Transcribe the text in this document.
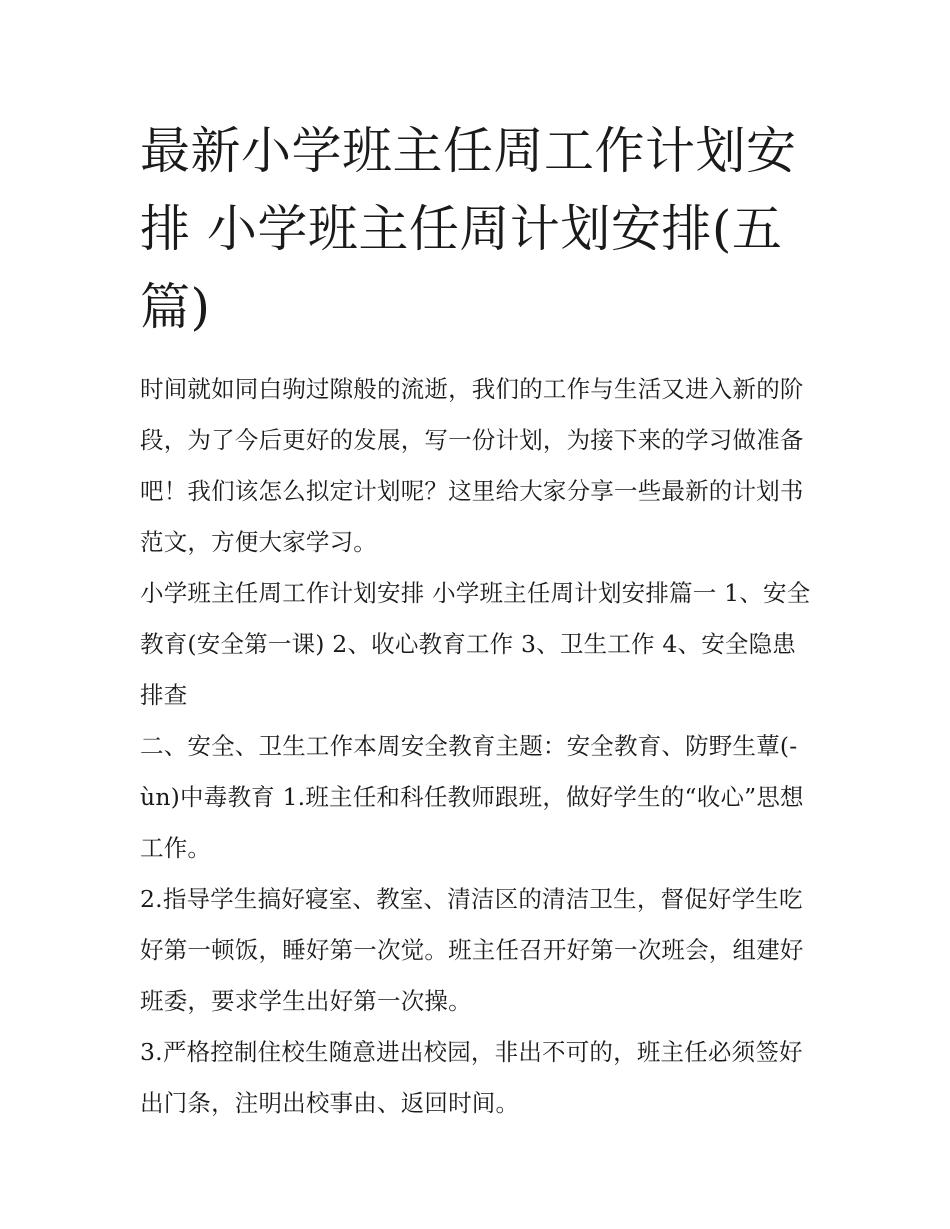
最新小学班主任周工作计划安排 小学班主任周计划安排(五篇)

时间就如同白驹过隙般的流逝，我们的工作与生活又进入新的阶段，为了今后更好的发展，写一份计划，为接下来的学习做准备吧！我们该怎么拟定计划呢？这里给大家分享一些最新的计划书范文，方便大家学习。

小学班主任周工作计划安排 小学班主任周计划安排篇一 1、安全教育(安全第一课) 2、收心教育工作 3、卫生工作 4、安全隐患排查

二、安全、卫生工作本周安全教育主题：安全教育、防野生蕈(-ùn)中毒教育 1.班主任和科任教师跟班，做好学生的“收心”思想工作。

2.指导学生搞好寝室、教室、清洁区的清洁卫生，督促好学生吃好第一顿饭，睡好第一次觉。班主任召开好第一次班会，组建好班委，要求学生出好第一次操。

3.严格控制住校生随意进出校园，非出不可的，班主任必须签好出门条，注明出校事由、返回时间。
